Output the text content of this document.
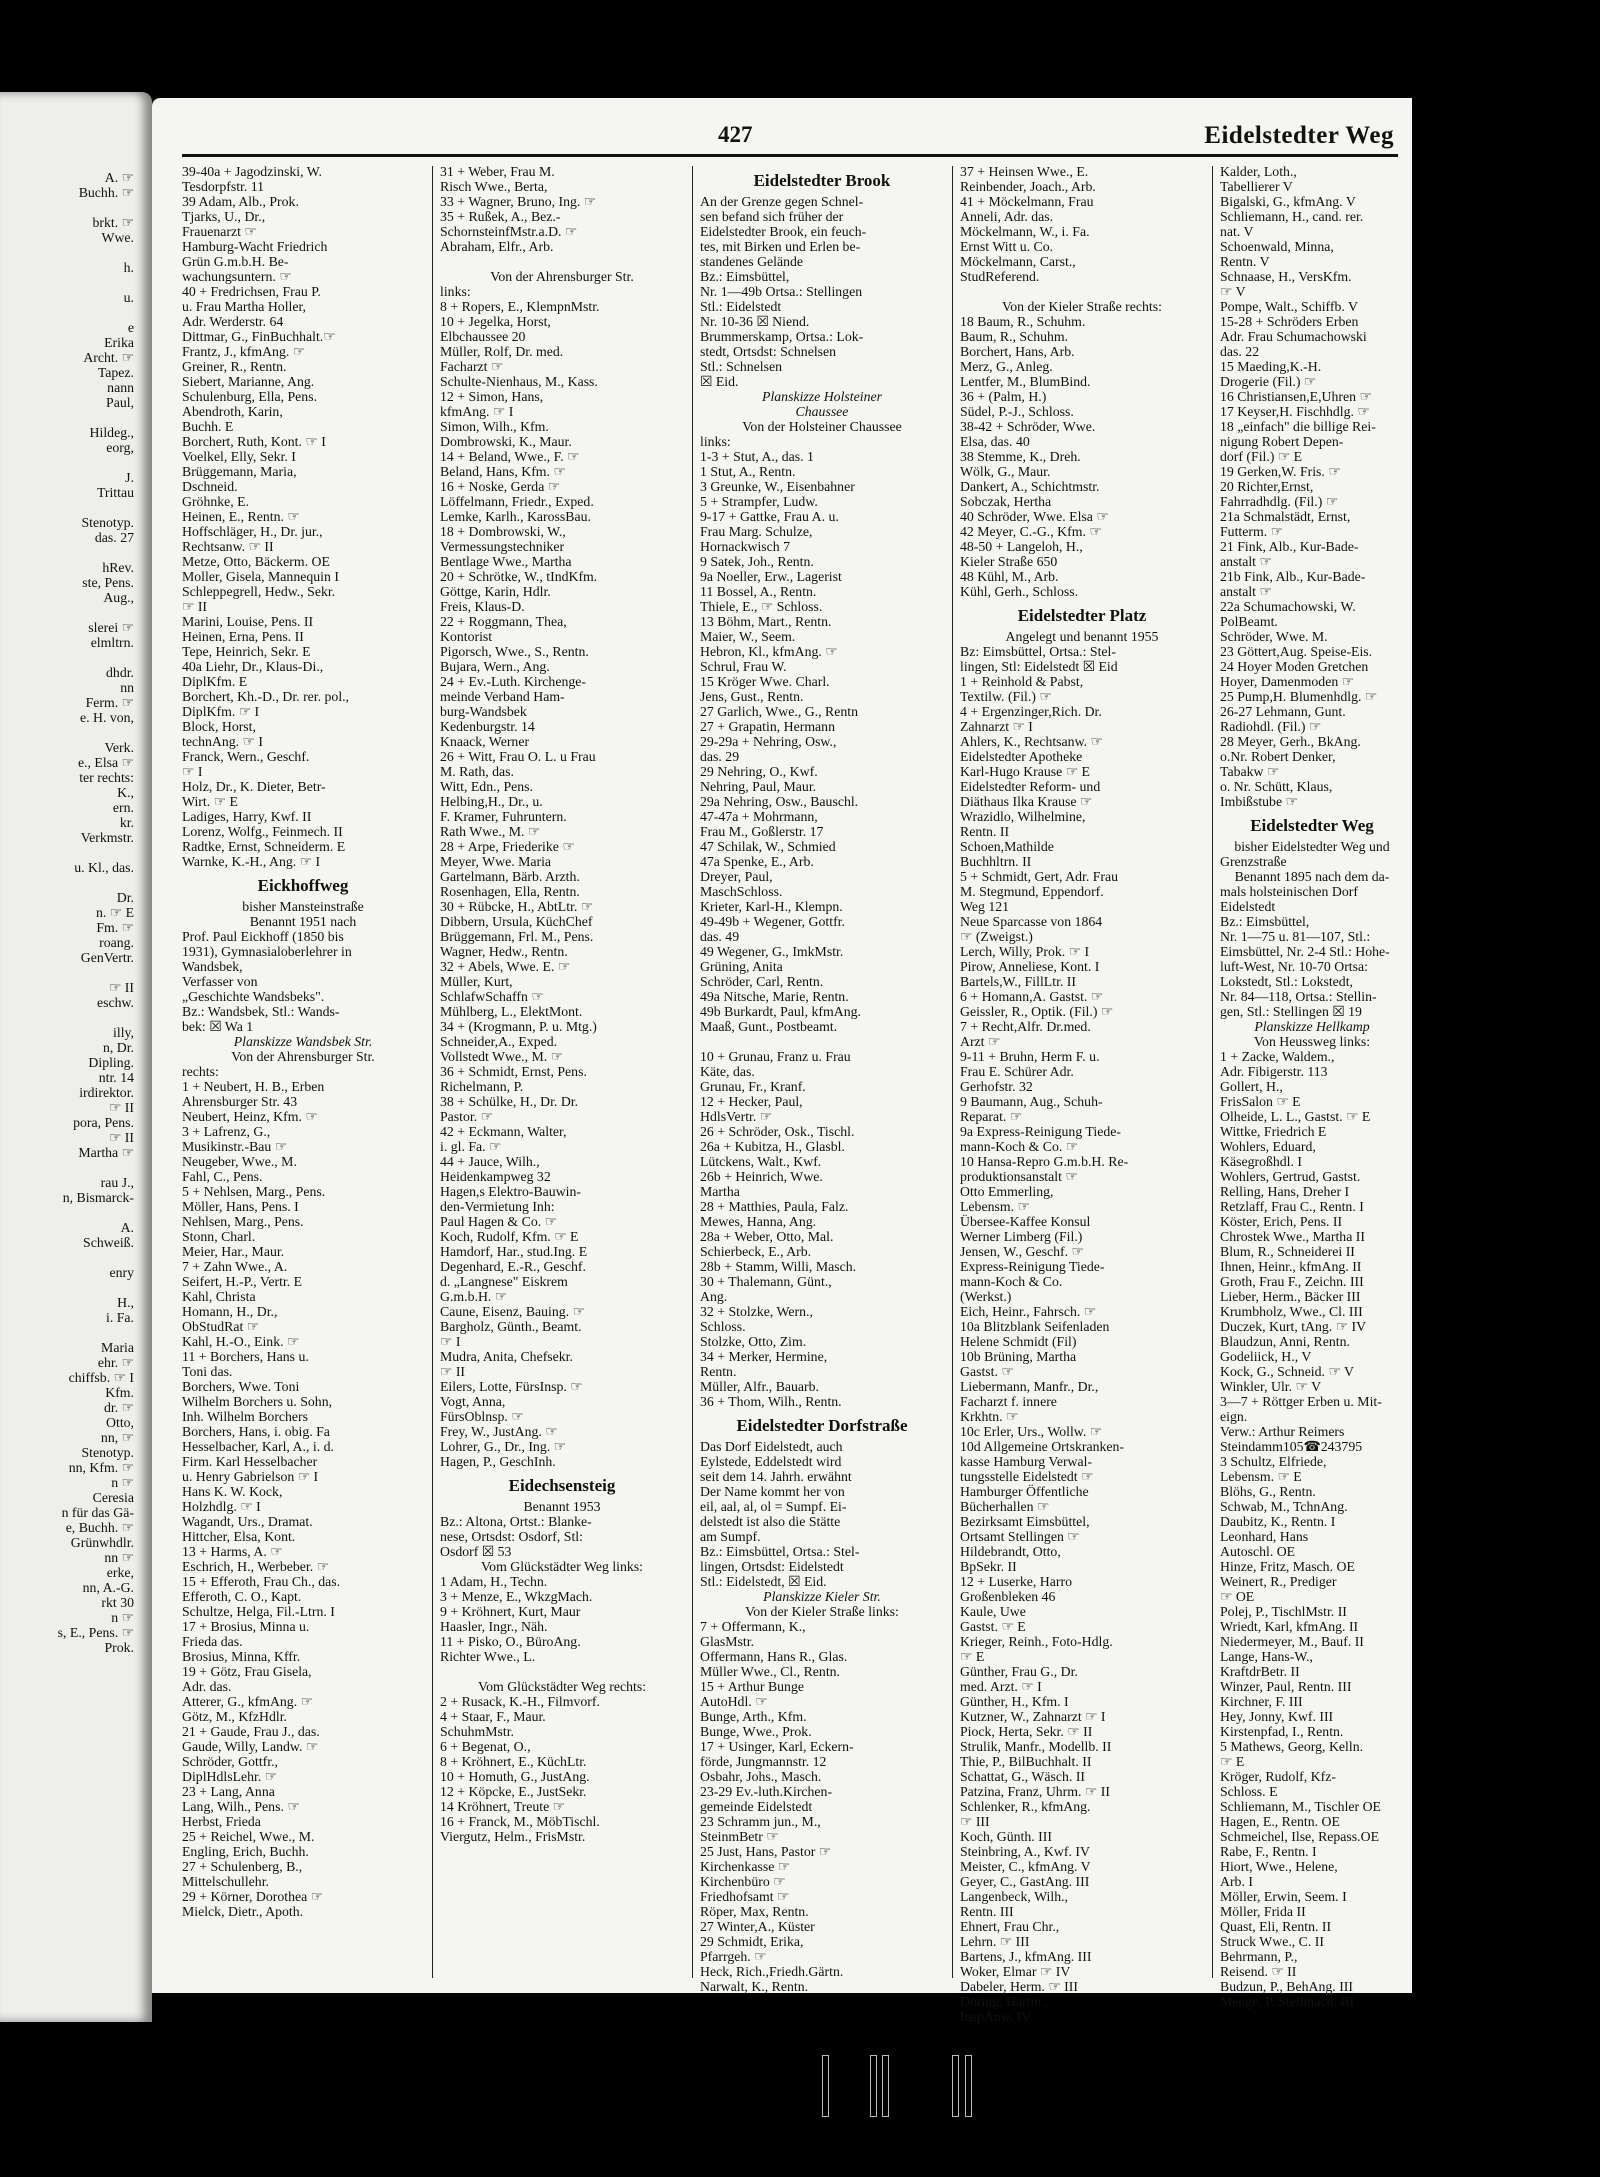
A. ☞
Buchh. ☞

brkt. ☞
Wwe.

h.

u.

e
Erika
Archt. ☞
Tapez.
nann
Paul,

Hildeg.,
eorg,

J.
Trittau

Stenotyp.
das. 27

hRev.
ste, Pens.
Aug.,

slerei ☞
elmltrn.

dhdr.
nn
Ferm. ☞
e. H. von,

Verk.
e., Elsa ☞
ter rechts:
K.,
ern.
kr.
Verkmstr.

u. Kl., das.

Dr.
n. ☞ E
Fm. ☞
roang.
GenVertr.

☞ II
eschw.

illy,
n, Dr.
Dipling.
ntr. 14
irdirektor.
☞ II
pora, Pens.
☞ II
Martha ☞

rau J.,
n, Bismarck-

A.
Schweiß.

enry

H.,
i. Fa.

Maria
ehr. ☞
chiffsb. ☞ I
Kfm.
dr. ☞
Otto,
nn, ☞
Stenotyp.
nn, Kfm. ☞
n ☞
Ceresia
n für das Gä-
e, Buchh. ☞
Grünwhdlr.
nn ☞
erke,
nn, A.-G.
rkt 30
n ☞
s, E., Pens. ☞
Prok.
427	Eidelstedter Weg
39-40a + Jagodzinski, W.
Tesdorpfstr. 11
39 Adam, Alb., Prok.
Tjarks, U., Dr.,
Frauenarzt ☞
Hamburg-Wacht Friedrich
Grün G.m.b.H. Be-
wachungsuntern. ☞
40 + Fredrichsen, Frau P.
u. Frau Martha Holler,
Adr. Werderstr. 64
Dittmar, G., FinBuchhalt.☞
Frantz, J., kfmAng. ☞
Greiner, R., Rentn.
Siebert, Marianne, Ang.
Schulenburg, Ella, Pens.
Abendroth, Karin,
Buchh. E
Borchert, Ruth, Kont. ☞ I
Voelkel, Elly, Sekr. I
Brüggemann, Maria,
Dschneid.
Gröhnke, E.
Heinen, E., Rentn. ☞
Hoffschläger, H., Dr. jur.,
Rechtsanw. ☞ II
Metze, Otto, Bäckerm. OE
Moller, Gisela, Mannequin I
Schleppegrell, Hedw., Sekr.
☞ II
Marini, Louise, Pens. II
Heinen, Erna, Pens. II
Tepe, Heinrich, Sekr. E
40a Liehr, Dr., Klaus-Di.,
DiplKfm. E
Borchert, Kh.-D., Dr. rer. pol.,
DiplKfm. ☞ I
Block, Horst,
technAng. ☞ I
Franck, Wern., Geschf.
☞ I
Holz, Dr., K. Dieter, Betr-
Wirt. ☞ E
Ladiges, Harry, Kwf. II
Lorenz, Wolfg., Feinmech. II
Radtke, Ernst, Schneiderm. E
Warnke, K.-H., Ang. ☞ I
Eickhoffweg
bisher Mansteinstraße
Benannt 1951 nach
Prof. Paul Eickhoff (1850 bis
1931), Gymnasialoberlehrer in
Wandsbek,
Verfasser von
„Geschichte Wandsbeks".
Bz.: Wandsbek, Stl.: Wands-
bek: ☒ Wa 1
Planskizze Wandsbek Str.
Von der Ahrensburger Str.
rechts:
1 + Neubert, H. B., Erben
Ahrensburger Str. 43
Neubert, Heinz, Kfm. ☞
3 + Lafrenz, G.,
Musikinstr.-Bau ☞
Neugeber, Wwe., M.
Fahl, C., Pens.
5 + Nehlsen, Marg., Pens.
Möller, Hans, Pens. I
Nehlsen, Marg., Pens.
Stonn, Charl.
Meier, Har., Maur.
7 + Zahn Wwe., A.
Seifert, H.-P., Vertr. E
Kahl, Christa
Homann, H., Dr.,
ObStudRat ☞
Kahl, H.-O., Eink. ☞
11 + Borchers, Hans u.
Toni das.
Borchers, Wwe. Toni
Wilhelm Borchers u. Sohn,
Inh. Wilhelm Borchers
Borchers, Hans, i. obig. Fa
Hesselbacher, Karl, A., i. d.
Firm. Karl Hesselbacher
u. Henry Gabrielson ☞ I
Hans K. W. Kock,
Holzhdlg. ☞ I
Wagandt, Urs., Dramat.
Hittcher, Elsa, Kont.
13 + Harms, A. ☞
Eschrich, H., Werbeber. ☞
15 + Efferoth, Frau Ch., das.
Efferoth, C. O., Kapt.
Schultze, Helga, Fil.-Ltrn. I
17 + Brosius, Minna u.
Frieda das.
Brosius, Minna, Kffr.
19 + Götz, Frau Gisela,
Adr. das.
Atterer, G., kfmAng. ☞
Götz, M., KfzHdlr.
21 + Gaude, Frau J., das.
Gaude, Willy, Landw. ☞
Schröder, Gottfr.,
DiplHdlsLehr. ☞
23 + Lang, Anna
Lang, Wilh., Pens. ☞
Herbst, Frieda
25 + Reichel, Wwe., M.
Engling, Erich, Buchh.
27 + Schulenberg, B.,
Mittelschullehr.
29 + Körner, Dorothea ☞
Mielck, Dietr., Apoth.
31 + Weber, Frau M.
Risch Wwe., Berta,
33 + Wagner, Bruno, Ing. ☞
35 + Rußek, A., Bez.-
SchornsteinfMstr.a.D. ☞
Abraham, Elfr., Arb.

Von der Ahrensburger Str.
links:
8 + Ropers, E., KlempnMstr.
10 + Jegelka, Horst,
Elbchaussee 20
Müller, Rolf, Dr. med.
Facharzt ☞
Schulte-Nienhaus, M., Kass.
12 + Simon, Hans,
kfmAng. ☞ I
Simon, Wilh., Kfm.
Dombrowski, K., Maur.
14 + Beland, Wwe., F. ☞
Beland, Hans, Kfm. ☞
16 + Noske, Gerda ☞
Löffelmann, Friedr., Exped.
Lemke, Karlh., KarossBau.
18 + Dombrowski, W.,
Vermessungstechniker
Bentlage Wwe., Martha
20 + Schrötke, W., tIndKfm.
Göttge, Karin, Hdlr.
Freis, Klaus-D.
22 + Roggmann, Thea,
Kontorist
Pigorsch, Wwe., S., Rentn.
Bujara, Wern., Ang.
24 + Ev.-Luth. Kirchenge-
meinde Verband Ham-
burg-Wandsbek
Kedenburgstr. 14
Knaack, Werner
26 + Witt, Frau O. L. u Frau
M. Rath, das.
Witt, Edn., Pens.
Helbing,H., Dr., u.
F. Kramer, Fuhruntern.
Rath Wwe., M. ☞
28 + Arpe, Friederike ☞
Meyer, Wwe. Maria
Gartelmann, Bärb. Arzth.
Rosenhagen, Ella, Rentn.
30 + Rübcke, H., AbtLtr. ☞
Dibbern, Ursula, KüchChef
Brüggemann, Frl. M., Pens.
Wagner, Hedw., Rentn.
32 + Abels, Wwe. E. ☞
Müller, Kurt,
SchlafwSchaffn ☞
Mühlberg, L., ElektMont.
34 + (Krogmann, P. u. Mtg.)
Schneider,A., Exped.
Vollstedt Wwe., M. ☞
36 + Schmidt, Ernst, Pens.
Richelmann, P.
38 + Schülke, H., Dr. Dr.
Pastor. ☞
42 + Eckmann, Walter,
i. gl. Fa. ☞
44 + Jauce, Wilh.,
Heidenkampweg 32
Hagen,s Elektro-Bauwin-
den-Vermietung Inh:
Paul Hagen & Co. ☞
Koch, Rudolf, Kfm. ☞ E
Hamdorf, Har., stud.Ing. E
Degenhard, E.-R., Geschf.
d. „Langnese" Eiskrem
G.m.b.H. ☞
Caune, Eisenz, Bauing. ☞
Bargholz, Günth., Beamt.
☞ I
Mudra, Anita, Chefsekr.
☞ II
Eilers, Lotte, FürsInsp. ☞
Vogt, Anna,
FürsOblnsp. ☞
Frey, W., JustAng. ☞
Lohrer, G., Dr., Ing. ☞
Hagen, P., GeschInh.
Eidechsensteig
Benannt 1953
Bz.: Altona, Ortst.: Blanke-
nese, Ortsdst: Osdorf, Stl:
Osdorf ☒ 53
Vom Glückstädter Weg links:
1 Adam, H., Techn.
3 + Menze, E., WkzgMach.
9 + Kröhnert, Kurt, Maur
Haasler, Ingr., Näh.
11 + Pisko, O., BüroAng.
Richter Wwe., L.

Vom Glückstädter Weg rechts:
2 + Rusack, K.-H., Filmvorf.
4 + Staar, F., Maur.
SchuhmMstr.
6 + Begenat, O.,
8 + Kröhnert, E., KüchLtr.
10 + Homuth, G., JustAng.
12 + Köpcke, E., JustSekr.
14 Kröhnert, Treute ☞
16 + Franck, M., MöbTischl.
Viergutz, Helm., FrisMstr.
Eidelstedter Brook
An der Grenze gegen Schnel-
sen befand sich früher der
Eidelstedter Brook, ein feuch-
tes, mit Birken und Erlen be-
standenes Gelände
Bz.: Eimsbüttel,
Nr. 1—49b Ortsa.: Stellingen
Stl.: Eidelstedt
Nr. 10-36 ☒ Niend.
Brummerskamp, Ortsa.: Lok-
stedt, Ortsdst: Schnelsen
Stl.: Schnelsen
☒ Eid.
Planskizze Holsteiner
Chaussee
Von der Holsteiner Chaussee
links:
1-3 + Stut, A., das. 1
1 Stut, A., Rentn.
3 Greunke, W., Eisenbahner
5 + Strampfer, Ludw.
9-17 + Gattke, Frau A. u.
Frau Marg. Schulze,
Hornackwisch 7
9 Satek, Joh., Rentn.
9a Noeller, Erw., Lagerist
11 Bossel, A., Rentn.
Thiele, E., ☞ Schloss.
13 Böhm, Mart., Rentn.
Maier, W., Seem.
Hebron, Kl., kfmAng. ☞
Schrul, Frau W.
15 Kröger Wwe. Charl.
Jens, Gust., Rentn.
27 Garlich, Wwe., G., Rentn
27 + Grapatin, Hermann
29-29a + Nehring, Osw.,
das. 29
29 Nehring, O., Kwf.
Nehring, Paul, Maur.
29a Nehring, Osw., Bauschl.
47-47a + Mohrmann,
Frau M., Goßlerstr. 17
47 Schilak, W., Schmied
47a Spenke, E., Arb.
Dreyer, Paul,
MaschSchloss.
Krieter, Karl-H., Klempn.
49-49b + Wegener, Gottfr.
das. 49
49 Wegener, G., ImkMstr.
Grüning, Anita
Schröder, Carl, Rentn.
49a Nitsche, Marie, Rentn.
49b Burkardt, Paul, kfmAng.
Maaß, Gunt., Postbeamt.

10 + Grunau, Franz u. Frau
Käte, das.
Grunau, Fr., Kranf.
12 + Hecker, Paul,
HdlsVertr. ☞
26 + Schröder, Osk., Tischl.
26a + Kubitza, H., Glasbl.
Lütckens, Walt., Kwf.
26b + Heinrich, Wwe.
Martha
28 + Matthies, Paula, Falz.
Mewes, Hanna, Ang.
28a + Weber, Otto, Mal.
Schierbeck, E., Arb.
28b + Stamm, Willi, Masch.
30 + Thalemann, Günt.,
Ang.
32 + Stolzke, Wern.,
Schloss.
Stolzke, Otto, Zim.
34 + Merker, Hermine,
Rentn.
Müller, Alfr., Bauarb.
36 + Thom, Wilh., Rentn.
Eidelstedter Dorfstraße
Das Dorf Eidelstedt, auch
Eylstede, Eddelstedt wird
seit dem 14. Jahrh. erwähnt
Der Name kommt her von
eil, aal, al, ol = Sumpf. Ei-
delstedt ist also die Stätte
am Sumpf.
Bz.: Eimsbüttel, Ortsa.: Stel-
lingen, Ortsdst: Eidelstedt
Stl.: Eidelstedt, ☒ Eid.
Planskizze Kieler Str.
Von der Kieler Straße links:
7 + Offermann, K.,
GlasMstr.
Offermann, Hans R., Glas.
Müller Wwe., Cl., Rentn.
15 + Arthur Bunge
AutoHdl. ☞
Bunge, Arth., Kfm.
Bunge, Wwe., Prok.
17 + Usinger, Karl, Eckern-
förde, Jungmannstr. 12
Osbahr, Johs., Masch.
23-29 Ev.-luth.Kirchen-
gemeinde Eidelstedt
23 Schramm jun., M.,
SteinmBetr ☞
25 Just, Hans, Pastor ☞
Kirchenkasse ☞
Kirchenbüro ☞
Friedhofsamt ☞
Röper, Max, Rentn.
27 Winter,A., Küster
29 Schmidt, Erika,
Pfarrgeh. ☞
Heck, Rich.,Friedh.Gärtn.
Narwalt, K., Rentn.
37 + Heinsen Wwe., E.
Reinbender, Joach., Arb.
41 + Möckelmann, Frau
Anneli, Adr. das.
Möckelmann, W., i. Fa.
Ernst Witt u. Co.
Möckelmann, Carst.,
StudReferend.

Von der Kieler Straße rechts:
18 Baum, R., Schuhm.
Baum, R., Schuhm.
Borchert, Hans, Arb.
Merz, G., Anleg.
Lentfer, M., BlumBind.
36 + (Palm, H.)
Südel, P.-J., Schloss.
38-42 + Schröder, Wwe.
Elsa, das. 40
38 Stemme, K., Dreh.
Wölk, G., Maur.
Dankert, A., Schichtmstr.
Sobczak, Hertha
40 Schröder, Wwe. Elsa ☞
42 Meyer, C.-G., Kfm. ☞
48-50 + Langeloh, H.,
Kieler Straße 650
48 Kühl, M., Arb.
Kühl, Gerh., Schloss.
Eidelstedter Platz
Angelegt und benannt 1955
Bz: Eimsbüttel, Ortsa.: Stel-
lingen, Stl: Eidelstedt ☒ Eid
1 + Reinhold & Pabst,
Textilw. (Fil.) ☞
4 + Ergenzinger,Rich. Dr.
Zahnarzt ☞ I
Ahlers, K., Rechtsanw. ☞
Eidelstedter Apotheke
Karl-Hugo Krause ☞ E
Eidelstedter Reform- und
Diäthaus Ilka Krause ☞
Wrazidlo, Wilhelmine,
Rentn. II
Schoen,Mathilde
Buchhltrn. II
5 + Schmidt, Gert, Adr. Frau
M. Stegmund, Eppendorf.
Weg 121
Neue Sparcasse von 1864
☞ (Zweigst.)
Lerch, Willy, Prok. ☞ I
Pirow, Anneliese, Kont. I
Bartels,W., FillLtr. II
6 + Homann,A. Gastst. ☞
Geissler, R., Optik. (Fil.) ☞
7 + Recht,Alfr. Dr.med.
Arzt ☞
9-11 + Bruhn, Herm F. u.
Frau E. Schürer Adr.
Gerhofstr. 32
9 Baumann, Aug., Schuh-
Reparat. ☞
9a Express-Reinigung Tiede-
mann-Koch & Co. ☞
10 Hansa-Repro G.m.b.H. Re-
produktionsanstalt ☞
Otto Emmerling,
Lebensm. ☞
Übersee-Kaffee Konsul
Werner Limberg (Fil.)
Jensen, W., Geschf. ☞
Express-Reinigung Tiede-
mann-Koch & Co.
(Werkst.)
Eich, Heinr., Fahrsch. ☞
10a Blitzblank Seifenladen
Helene Schmidt (Fil)
10b Brüning, Martha
Gastst. ☞
Liebermann, Manfr., Dr.,
Facharzt f. innere
Krkhtn. ☞
10c Erler, Urs., Wollw. ☞
10d Allgemeine Ortskranken-
kasse Hamburg Verwal-
tungsstelle Eidelstedt ☞
Hamburger Öffentliche
Bücherhallen ☞
Bezirksamt Eimsbüttel,
Ortsamt Stellingen ☞
Hildebrandt, Otto,
BpSekr. II
12 + Luserke, Harro
Großenbleken 46
Kaule, Uwe
Gastst. ☞ E
Krieger, Reinh., Foto-Hdlg.
☞ E
Günther, Frau G., Dr.
med. Arzt. ☞ I
Günther, H., Kfm. I
Kutzner, W., Zahnarzt ☞ I
Piock, Herta, Sekr. ☞ II
Strulik, Manfr., Modellb. II
Thie, P., BilBuchhalt. II
Schattat, G., Wäsch. II
Patzina, Franz, Uhrm. ☞ II
Schlenker, R., kfmAng.
☞ III
Koch, Günth. III
Steinbring, A., Kwf. IV
Meister, C., kfmAng. V
Geyer, C., GastAng. III
Langenbeck, Wilh.,
Rentn. III
Ehnert, Frau Chr.,
Lehrn. ☞ III
Bartens, J., kfmAng. III
Woker, Elmar ☞ IV
Dabeler, Herm. ☞ III
Döring, Hartm.,
InspAnw. IV
Kalder, Loth.,
Tabellierer V
Bigalski, G., kfmAng. V
Schliemann, H., cand. rer.
nat. V
Schoenwald, Minna,
Rentn. V
Schnaase, H., VersKfm.
☞ V
Pompe, Walt., Schiffb. V
15-28 + Schröders Erben
Adr. Frau Schumachowski
das. 22
15 Maeding,K.-H.
Drogerie (Fil.) ☞
16 Christiansen,E,Uhren ☞
17 Keyser,H. Fischhdlg. ☞
18 „einfach" die billige Rei-
nigung Robert Depen-
dorf (Fil.) ☞ E
19 Gerken,W. Fris. ☞
20 Richter,Ernst,
Fahrradhdlg. (Fil.) ☞
21a Schmalstädt, Ernst,
Futterm. ☞
21 Fink, Alb., Kur-Bade-
anstalt ☞
21b Fink, Alb., Kur-Bade-
anstalt ☞
22a Schumachowski, W.
PolBeamt.
Schröder, Wwe. M.
23 Göttert,Aug. Speise-Eis.
24 Hoyer Moden Gretchen
Hoyer, Damenmoden ☞
25 Pump,H. Blumenhdlg. ☞
26-27 Lehmann, Gunt.
Radiohdl. (Fil.) ☞
28 Meyer, Gerh., BkAng.
o.Nr. Robert Denker,
Tabakw ☞
o. Nr. Schütt, Klaus,
Imbißstube ☞
Eidelstedter Weg
bisher Eidelstedter Weg und
Grenzstraße
Benannt 1895 nach dem da-
mals holsteinischen Dorf
Eidelstedt
Bz.: Eimsbüttel,
Nr. 1—75 u. 81—107, Stl.:
Eimsbüttel, Nr. 2-4 Stl.: Hohe-
luft-West, Nr. 10-70 Ortsa:
Lokstedt, Stl.: Lokstedt,
Nr. 84—118, Ortsa.: Stellin-
gen, Stl.: Stellingen ☒ 19
Planskizze Hellkamp
Von Heussweg links:
1 + Zacke, Waldem.,
Adr. Fibigerstr. 113
Gollert, H.,
FrisSalon ☞ E
Olheide, L. L., Gastst. ☞ E
Wittke, Friedrich E
Wohlers, Eduard,
Käsegroßhdl. I
Wohlers, Gertrud, Gastst.
Relling, Hans, Dreher I
Retzlaff, Frau C., Rentn. I
Köster, Erich, Pens. II
Chrostek Wwe., Martha II
Blum, R., Schneiderei II
Ihnen, Heinr., kfmAng. II
Groth, Frau F., Zeichn. III
Lieber, Herm., Bäcker III
Krumbholz, Wwe., Cl. III
Duczek, Kurt, tAng. ☞ IV
Blaudzun, Anni, Rentn.
Godeliick, H., V
Kock, G., Schneid. ☞ V
Winkler, Ulr. ☞ V
3—7 + Röttger Erben u. Mit-
eign.
Verw.: Arthur Reimers
Steindamm105☎243795
3 Schultz, Elfriede,
Lebensm. ☞ E
Blöhs, G., Rentn.
Schwab, M., TchnAng.
Daubitz, K., Rentn. I
Leonhard, Hans
Autoschl. OE
Hinze, Fritz, Masch. OE
Weinert, R., Prediger
☞ OE
Polej, P., TischlMstr. II
Wriedt, Karl, kfmAng. II
Niedermeyer, M., Bauf. II
Lange, Hans-W.,
KraftdrBetr. II
Winzer, Paul, Rentn. III
Kirchner, F. III
Hey, Jonny, Kwf. III
Kirstenpfad, I., Rentn.
5 Mathews, Georg, Kelln.
☞ E
Kröger, Rudolf, Kfz-
Schloss. E
Schliemann, M., Tischler OE
Hagen, E., Rentn. OE
Schmeichel, Ilse, Repass.OE
Rabe, F., Rentn. I
Hiort, Wwe., Helene,
Arb. I
Möller, Erwin, Seem. I
Möller, Frida II
Quast, Eli, Rentn. II
Struck Wwe., C. II
Behrmann, P.,
Reisend. ☞ II
Budzun, P., BehAng. III
Menge, P. Stellmach. III
